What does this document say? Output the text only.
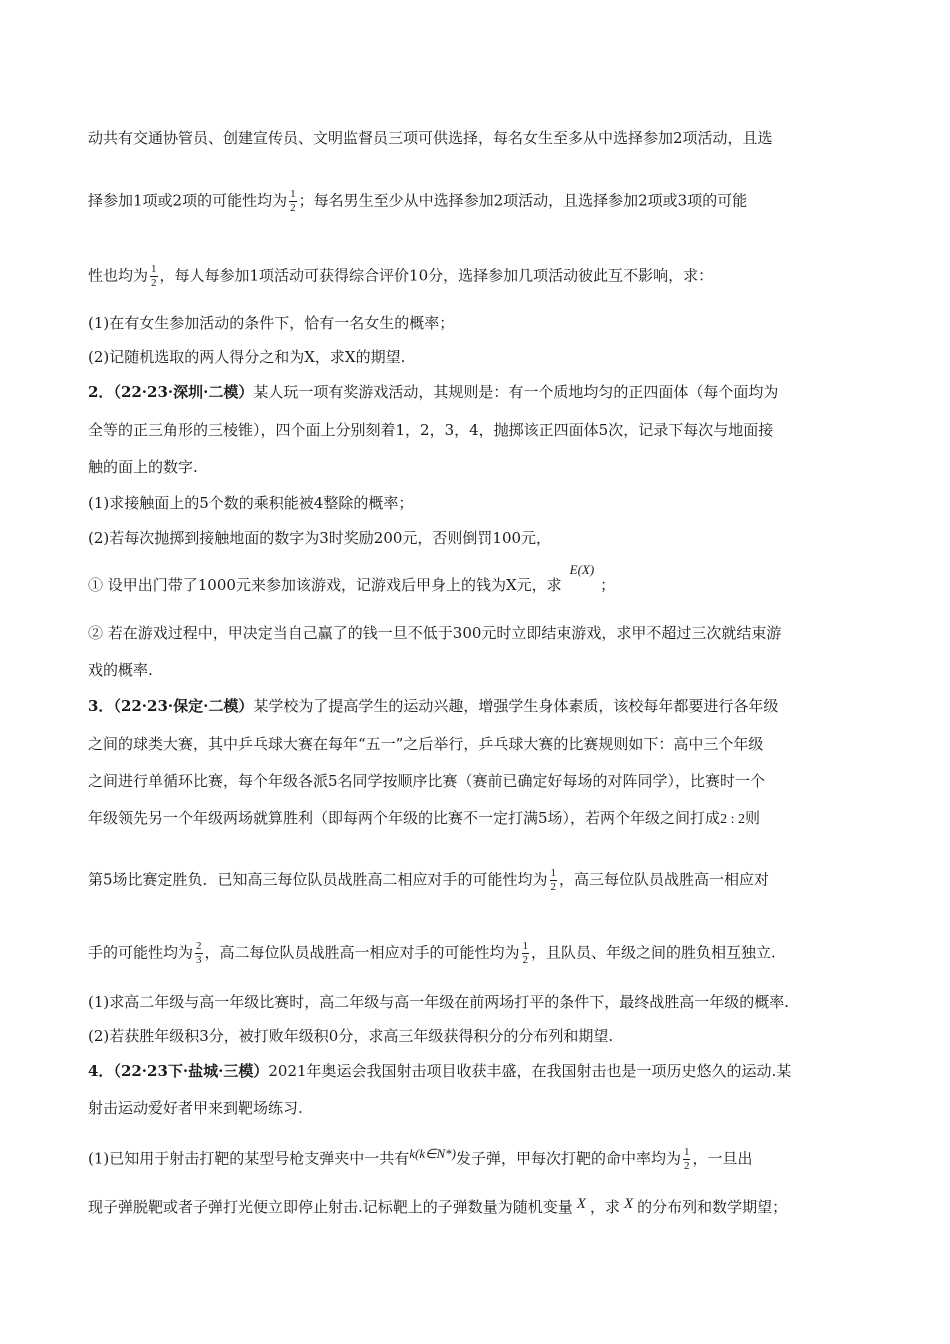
动共有交通协管员、创建宣传员、文明监督员三项可供选择，每名女生至多从中选择参加2项活动，且选
择参加1项或2项的可能性均为 $\frac{1}{2}$ ；每名男生至少从中选择参加2项活动，且选择参加2项或3项的可能
性也均为 $\frac{1}{2}$ ，每人每参加1项活动可获得综合评价10分，选择参加几项活动彼此互不影响，求：
(1)在有女生参加活动的条件下，恰有一名女生的概率；
(2)记随机选取的两人得分之和为X，求X的期望.
2．（22·23·深圳·二模）某人玩一项有奖游戏活动，其规则是：有一个质地均匀的正四面体（每个面均为
全等的正三角形的三棱锥），四个面上分别刻着1，2，3，4，抛掷该正四面体5次，记录下每次与地面接
触的面上的数字.
(1)求接触面上的5个数的乘积能被4整除的概率；
(2)若每次抛掷到接触地面的数字为3时奖励200元，否则倒罚100元，
① 设甲出门带了1000元来参加该游戏，记游戏后甲身上的钱为X元，求E(X)；
② 若在游戏过程中，甲决定当自己赢了的钱一旦不低于300元时立即结束游戏，求甲不超过三次就结束游
戏的概率.
3．（22·23·保定·二模）某学校为了提高学生的运动兴趣，增强学生身体素质，该校每年都要进行各年级
之间的球类大赛，其中乒乓球大赛在每年“五一”之后举行，乒乓球大赛的比赛规则如下：高中三个年级
之间进行单循环比赛，每个年级各派5名同学按顺序比赛（赛前已确定好每场的对阵同学），比赛时一个
年级领先另一个年级两场就算胜利（即每两个年级的比赛不一定打满5场），若两个年级之间打成2 : 2则
第5场比赛定胜负．已知高三每位队员战胜高二相应对手的可能性均为 $\frac{1}{2}$ ，高三每位队员战胜高一相应对
手的可能性均为 $\frac{2}{3}$ ，高二每位队员战胜高一相应对手的可能性均为 $\frac{1}{2}$ ，且队员、年级之间的胜负相互独立.
(1)求高二年级与高一年级比赛时，高二年级与高一年级在前两场打平的条件下，最终战胜高一年级的概率.
(2)若获胜年级积3分，被打败年级积0分，求高三年级获得积分的分布列和期望.
4．（22·23下·盐城·三模）2021年奥运会我国射击项目收获丰盛，在我国射击也是一项历史悠久的运动.某
射击运动爱好者甲来到靶场练习.
(1)已知用于射击打靶的某型号枪支弹夹中一共有k(k∈N*)发子弹，甲每次打靶的命中率均为 $\frac{1}{2}$ ，一旦出
现子弹脱靶或者子弹打光便立即停止射击.记标靶上的子弹数量为随机变量 X ，求 X 的分布列和数学期望；
